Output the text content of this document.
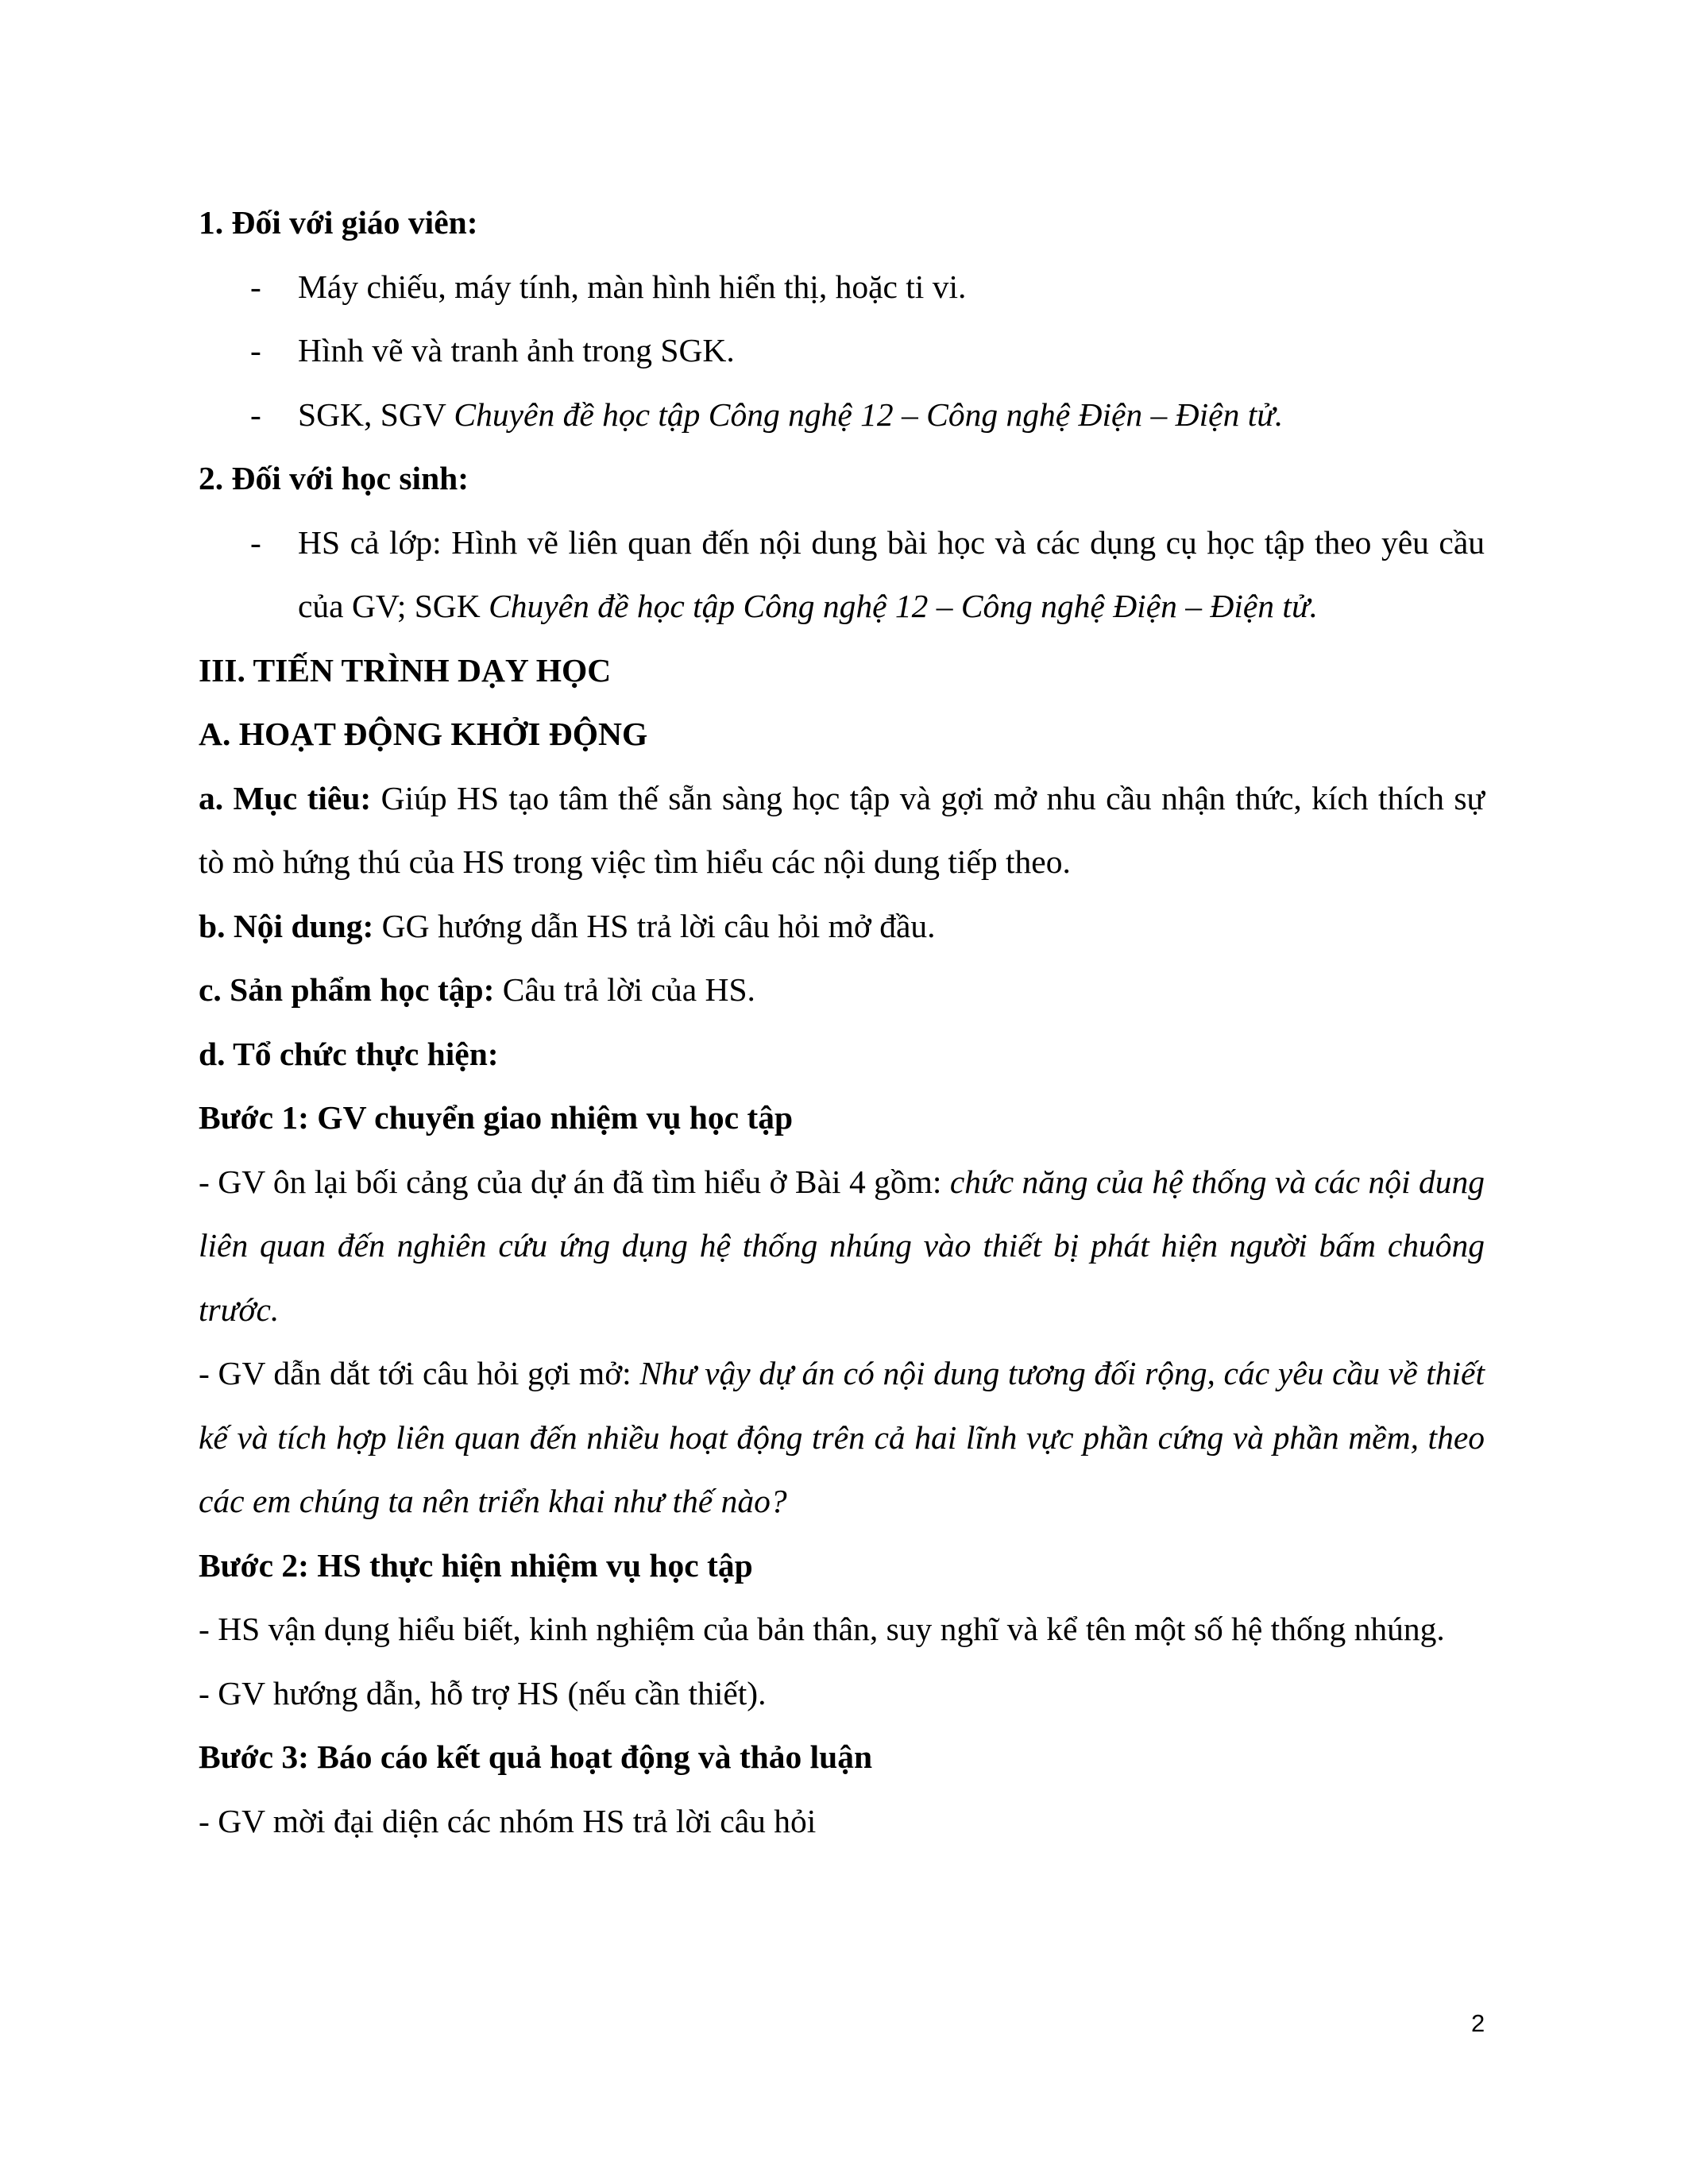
1. Đối với giáo viên:

- Máy chiếu, máy tính, màn hình hiển thị, hoặc ti vi.

- Hình vẽ và tranh ảnh trong SGK.

- SGK, SGV Chuyên đề học tập Công nghệ 12 – Công nghệ Điện – Điện tử.

2. Đối với học sinh:

- HS cả lớp: Hình vẽ liên quan đến nội dung bài học và các dụng cụ học tập theo yêu cầu của GV; SGK Chuyên đề học tập Công nghệ 12 – Công nghệ Điện – Điện tử.

III. TIẾN TRÌNH DẠY HỌC

A. HOẠT ĐỘNG KHỞI ĐỘNG

a. Mục tiêu: Giúp HS tạo tâm thế sẵn sàng học tập và gợi mở nhu cầu nhận thức, kích thích sự tò mò hứng thú của HS trong việc tìm hiểu các nội dung tiếp theo.

b. Nội dung: GG hướng dẫn HS trả lời câu hỏi mở đầu.

c. Sản phẩm học tập: Câu trả lời của HS.

d. Tổ chức thực hiện:

Bước 1: GV chuyển giao nhiệm vụ học tập

- GV ôn lại bối cảng của dự án đã tìm hiểu ở Bài 4 gồm: chức năng của hệ thống và các nội dung liên quan đến nghiên cứu ứng dụng hệ thống nhúng vào thiết bị phát hiện người bấm chuông trước.

- GV dẫn dắt tới câu hỏi gợi mở: Như vậy dự án có nội dung tương đối rộng, các yêu cầu về thiết kế và tích hợp liên quan đến nhiều hoạt động trên cả hai lĩnh vực phần cứng và phần mềm, theo các em chúng ta nên triển khai như thế nào?

Bước 2: HS thực hiện nhiệm vụ học tập

- HS vận dụng hiểu biết, kinh nghiệm của bản thân, suy nghĩ và kể tên một số hệ thống nhúng.

- GV hướng dẫn, hỗ trợ HS (nếu cần thiết).

Bước 3: Báo cáo kết quả hoạt động và thảo luận

- GV mời đại diện các nhóm HS trả lời câu hỏi

2
